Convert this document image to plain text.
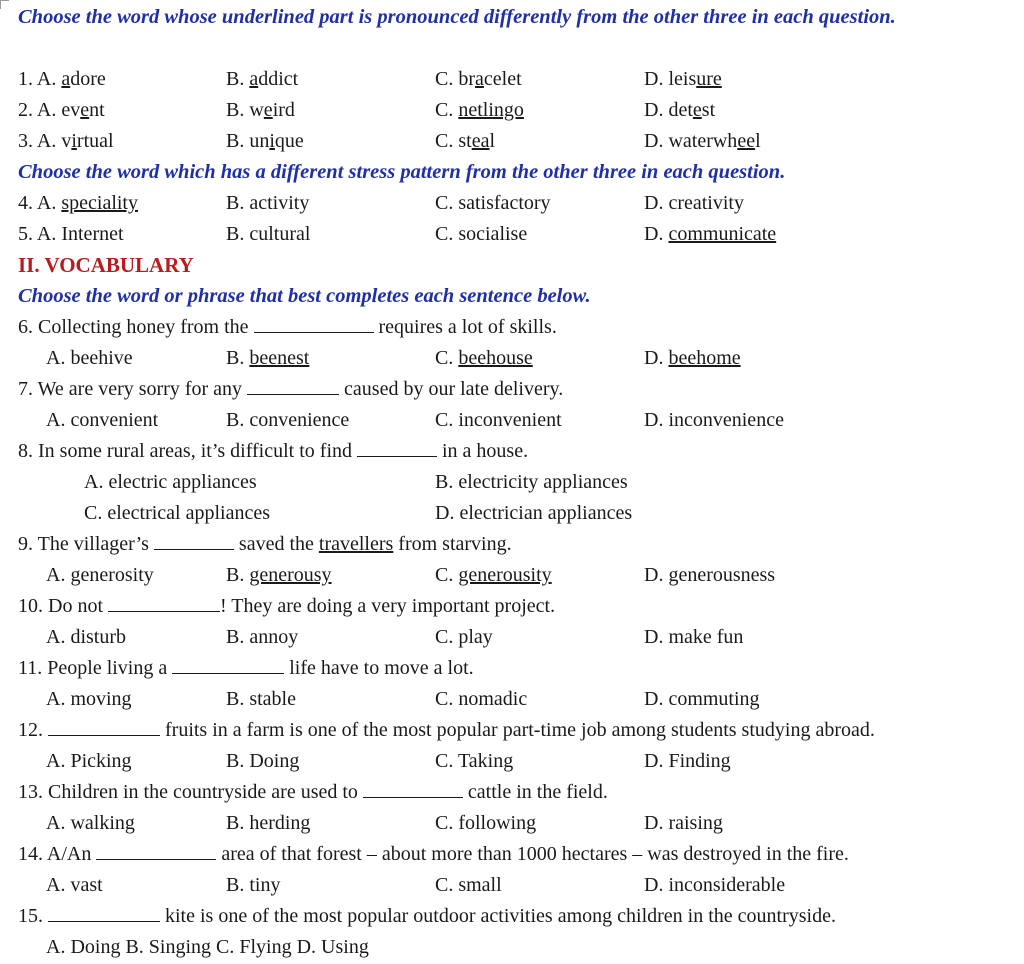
Choose the word whose underlined part is pronounced differently from the other three in each question.
1. A. adore	B. addict	C. bracelet	D. leisure
2. A. event	B. weird	C. netlingo	D. detest
3. A. virtual	B. unique	C. steal	D. waterwheel
Choose the word which has a different stress pattern from the other three in each question.
4. A. speciality	B. activity	C. satisfactory	D. creativity
5. A. Internet	B. cultural	C. socialise	D. communicate
II. VOCABULARY
Choose the word or phrase that best completes each sentence below.
6. Collecting honey from the	requires a lot of skills.
A. beehive	B. beenest	C. beehouse	D. beehome
7. We are very sorry for any	caused by our late delivery.
A. convenient	B. convenience	C. inconvenient	D. inconvenience
8. In some rural areas, it’s difficult to find	in a house.
A. electric appliances	B. electricity appliances
C. electrical appliances	D. electrician appliances
9. The villager’s	saved the travellers from starving.
A. generosity	B. generousy	C. generousity	D. generousness
10. Do not	! They are doing a very important project.
A. disturb	B. annoy	C. play	D. make fun
11. People living a	life have to move a lot.
A. moving	B. stable	C. nomadic	D. commuting
12.	fruits in a farm is one of the most popular part-time job among students studying abroad.
A. Picking	B. Doing	C. Taking	D. Finding
13. Children in the countryside are used to	cattle in the field.
A. walking	B. herding	C. following	D. raising
14. A/An	area of that forest – about more than 1000 hectares – was destroyed in the fire.
A. vast	B. tiny	C. small	D. inconsiderable
15.	kite is one of the most popular outdoor activities among children in the countryside.
A. Doing B. Singing C. Flying D. Using
